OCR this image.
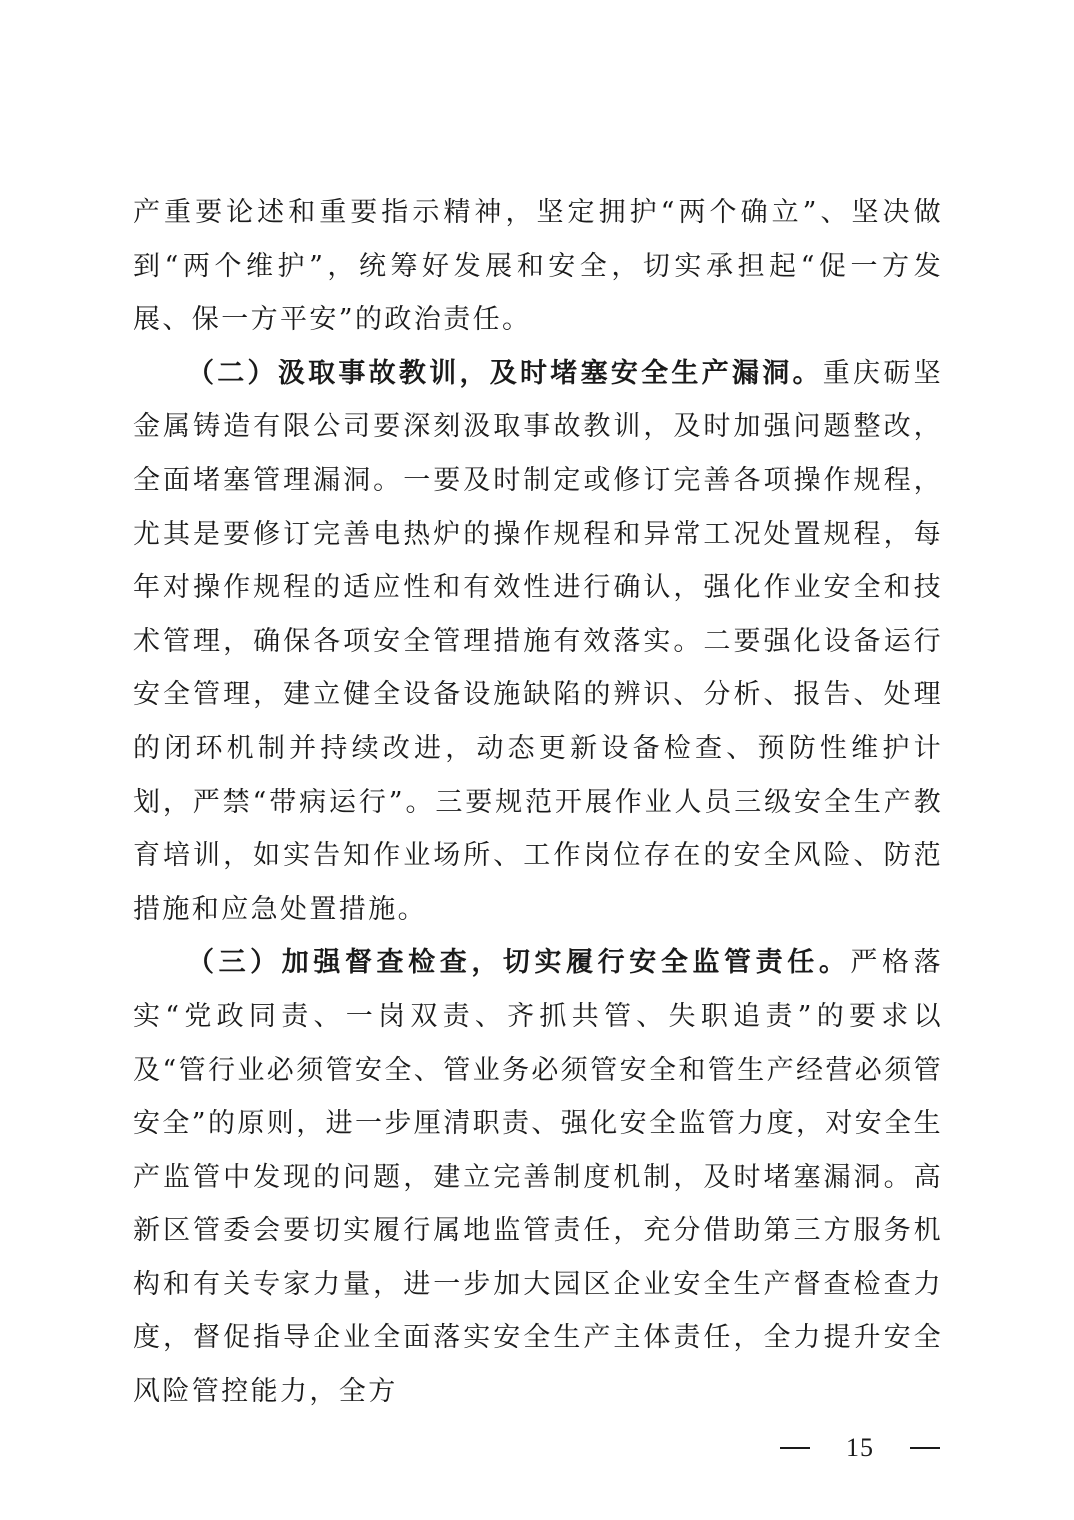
产重要论述和重要指示精神，坚定拥护“两个确立”、坚决做到“两个维护”，统筹好发展和安全，切实承担起“促一方发展、保一方平安”的政治责任。

（二）汲取事故教训，及时堵塞安全生产漏洞。重庆砺坚金属铸造有限公司要深刻汲取事故教训，及时加强问题整改，全面堵塞管理漏洞。一要及时制定或修订完善各项操作规程，尤其是要修订完善电热炉的操作规程和异常工况处置规程，每年对操作规程的适应性和有效性进行确认，强化作业安全和技术管理，确保各项安全管理措施有效落实。二要强化设备运行安全管理，建立健全设备设施缺陷的辨识、分析、报告、处理的闭环机制并持续改进，动态更新设备检查、预防性维护计划，严禁“带病运行”。三要规范开展作业人员三级安全生产教育培训，如实告知作业场所、工作岗位存在的安全风险、防范措施和应急处置措施。

（三）加强督查检查，切实履行安全监管责任。严格落实“党政同责、一岗双责、齐抓共管、失职追责”的要求以及“管行业必须管安全、管业务必须管安全和管生产经营必须管安全”的原则，进一步厘清职责、强化安全监管力度，对安全生产监管中发现的问题，建立完善制度机制，及时堵塞漏洞。高新区管委会要切实履行属地监管责任，充分借助第三方服务机构和有关专家力量，进一步加大园区企业安全生产督查检查力度，督促指导企业全面落实安全生产主体责任，全力提升安全风险管控能力，全方

15
